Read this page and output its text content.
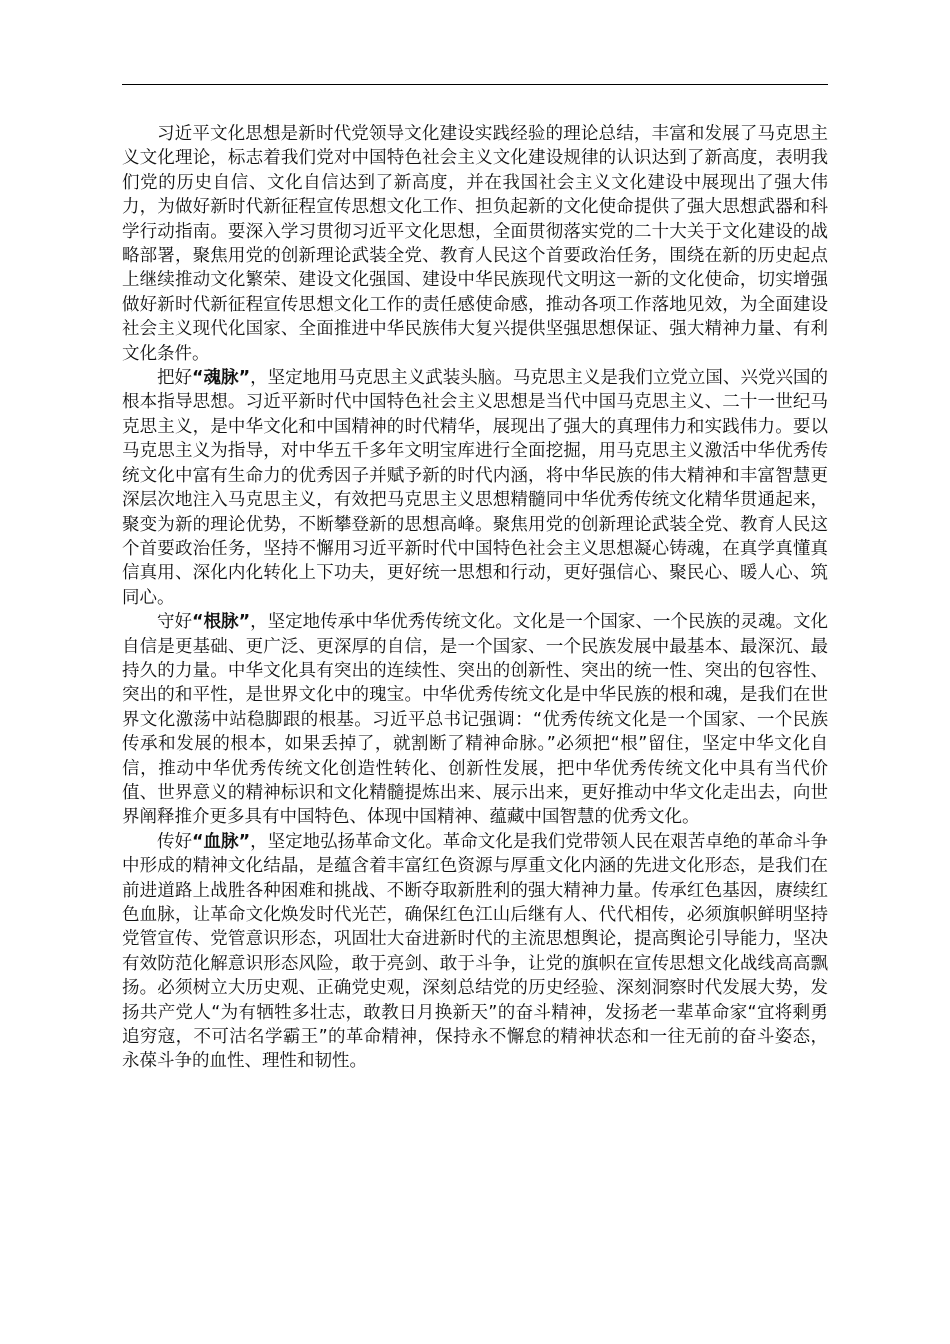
习近平文化思想是新时代党领导文化建设实践经验的理论总结，丰富和发展了马克思主义文化理论，标志着我们党对中国特色社会主义文化建设规律的认识达到了新高度，表明我们党的历史自信、文化自信达到了新高度，并在我国社会主义文化建设中展现出了强大伟力，为做好新时代新征程宣传思想文化工作、担负起新的文化使命提供了强大思想武器和科学行动指南。要深入学习贯彻习近平文化思想，全面贯彻落实党的二十大关于文化建设的战略部署，聚焦用党的创新理论武装全党、教育人民这个首要政治任务，围绕在新的历史起点上继续推动文化繁荣、建设文化强国、建设中华民族现代文明这一新的文化使命，切实增强做好新时代新征程宣传思想文化工作的责任感使命感，推动各项工作落地见效，为全面建设社会主义现代化国家、全面推进中华民族伟大复兴提供坚强思想保证、强大精神力量、有利文化条件。

把好“魂脉”，坚定地用马克思主义武装头脑。马克思主义是我们立党立国、兴党兴国的根本指导思想。习近平新时代中国特色社会主义思想是当代中国马克思主义、二十一世纪马克思主义，是中华文化和中国精神的时代精华，展现出了强大的真理伟力和实践伟力。要以马克思主义为指导，对中华五千多年文明宝库进行全面挖掘，用马克思主义激活中华优秀传统文化中富有生命力的优秀因子并赋予新的时代内涵，将中华民族的伟大精神和丰富智慧更深层次地注入马克思主义，有效把马克思主义思想精髓同中华优秀传统文化精华贯通起来，聚变为新的理论优势，不断攀登新的思想高峰。聚焦用党的创新理论武装全党、教育人民这个首要政治任务，坚持不懈用习近平新时代中国特色社会主义思想凝心铸魂，在真学真懂真信真用、深化内化转化上下功夫，更好统一思想和行动，更好强信心、聚民心、暖人心、筑同心。

守好“根脉”，坚定地传承中华优秀传统文化。文化是一个国家、一个民族的灵魂。文化自信是更基础、更广泛、更深厚的自信，是一个国家、一个民族发展中最基本、最深沉、最持久的力量。中华文化具有突出的连续性、突出的创新性、突出的统一性、突出的包容性、突出的和平性，是世界文化中的瑰宝。中华优秀传统文化是中华民族的根和魂，是我们在世界文化激荡中站稳脚跟的根基。习近平总书记强调：“优秀传统文化是一个国家、一个民族传承和发展的根本，如果丢掉了，就割断了精神命脉。”必须把“根”留住，坚定中华文化自信，推动中华优秀传统文化创造性转化、创新性发展，把中华优秀传统文化中具有当代价值、世界意义的精神标识和文化精髓提炼出来、展示出来，更好推动中华文化走出去，向世界阐释推介更多具有中国特色、体现中国精神、蕴藏中国智慧的优秀文化。

传好“血脉”，坚定地弘扬革命文化。革命文化是我们党带领人民在艰苦卓绝的革命斗争中形成的精神文化结晶，是蕴含着丰富红色资源与厚重文化内涵的先进文化形态，是我们在前进道路上战胜各种困难和挑战、不断夺取新胜利的强大精神力量。传承红色基因，赓续红色血脉，让革命文化焕发时代光芒，确保红色江山后继有人、代代相传，必须旗帜鲜明坚持党管宣传、党管意识形态，巩固壮大奋进新时代的主流思想舆论，提高舆论引导能力，坚决有效防范化解意识形态风险，敢于亮剑、敢于斗争，让党的旗帜在宣传思想文化战线高高飘扬。必须树立大历史观、正确党史观，深刻总结党的历史经验、深刻洞察时代发展大势，发扬共产党人“为有牺牲多壮志，敢教日月换新天”的奋斗精神，发扬老一辈革命家“宜将剩勇追穷寇，不可沽名学霸王”的革命精神，保持永不懈怠的精神状态和一往无前的奋斗姿态，永葆斗争的血性、理性和韧性。
